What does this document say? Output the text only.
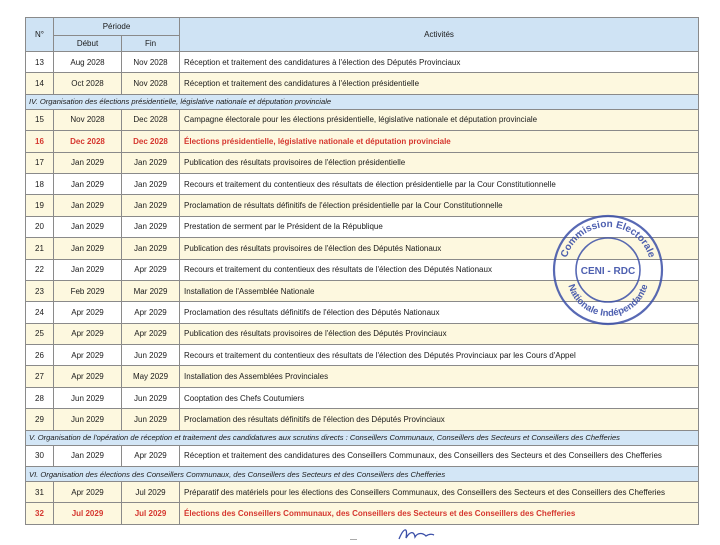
N°	Période		Activités
	Début	Fin	
13	Aug 2028	Nov 2028	Réception et traitement des candidatures à l'élection des Députés Provinciaux
14	Oct 2028	Nov 2028	Réception et traitement des candidatures à l'élection présidentielle
IV. Organisation des élections présidentielle, législative nationale et députation provinciale			
15	Nov 2028	Dec 2028	Campagne électorale pour les élections présidentielle, législative nationale et députation provinciale
16	Dec 2028	Dec 2028	Élections présidentielle, législative nationale et députation provinciale
17	Jan 2029	Jan 2029	Publication des résultats provisoires de l'élection présidentielle
18	Jan 2029	Jan 2029	Recours et traitement du contentieux des résultats de élection présidentielle par la Cour Constitutionnelle
19	Jan 2029	Jan 2029	Proclamation de résultats définitifs de l'élection présidentielle par la Cour Constitutionnelle
20	Jan 2029	Jan 2029	Prestation de serment par le Président de la République
21	Jan 2029	Jan 2029	Publication des résultats provisoires de l'élection des Députés Nationaux
22	Jan 2029	Apr 2029	Recours et traitement du contentieux des résultats de l'élection des Députés Nationaux
23	Feb 2029	Mar 2029	Installation de l'Assemblée Nationale
24	Apr 2029	Apr 2029	Proclamation des résultats définitifs de l'élection des Députés Nationaux
25	Apr 2029	Apr 2029	Publication des résultats provisoires de l'élection des Députés Provinciaux
26	Apr 2029	Jun 2029	Recours et traitement du contentieux des résultats de l'élection des Députés Provinciaux par les Cours d'Appel
27	Apr 2029	May 2029	Installation des Assemblées Provinciales
28	Jun 2029	Jun 2029	Cooptation des Chefs Coutumiers
29	Jun 2029	Jun 2029	Proclamation des résultats définitifs de l'élection des Députés Provinciaux
V. Organisation de l'opération de réception et traitement des candidatures aux scrutins directs : Conseillers Communaux, Conseillers des Secteurs et Conseillers des Chefferies			
30	Jan 2029	Apr 2029	Réception et traitement des candidatures des Conseillers Communaux, des Conseillers des Secteurs et des Conseillers des Chefferies
VI. Organisation des élections des Conseillers Communaux, des Conseillers des Secteurs et des Conseillers des Chefferies			
31	Apr 2029	Jul 2029	Préparatif des matériels pour les élections des Conseillers Communaux, des Conseillers des Secteurs et des Conseillers des Chefferies
32	Jul 2029	Jul 2029	Élections des Conseillers Communaux, des Conseillers des Secteurs et des Conseillers des Chefferies
Commission Electorale
Nationale Indépendante
CENI - RDC
—
